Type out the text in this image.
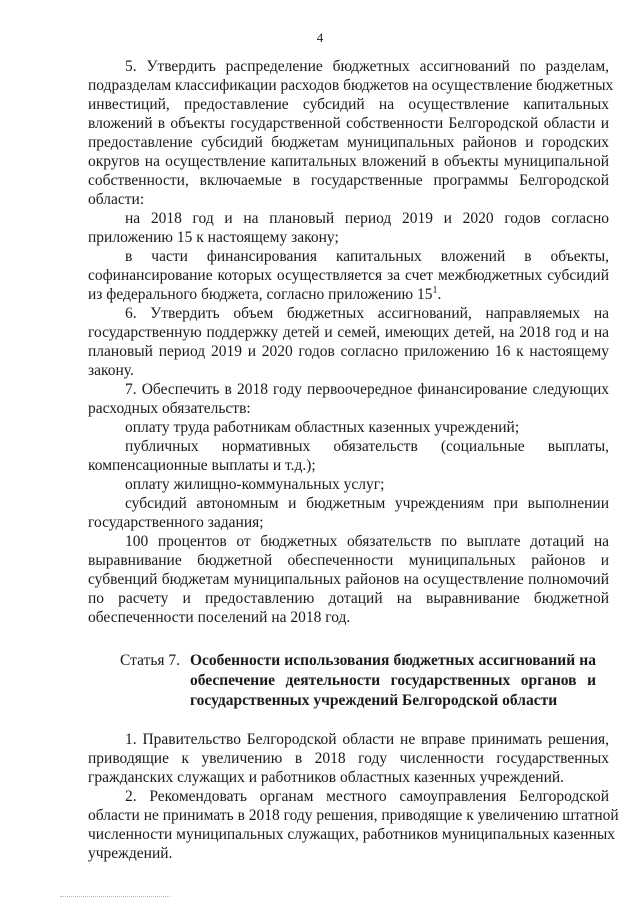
4
5. Утвердить распределение бюджетных ассигнований по разделам,
подразделам классификации расходов бюджетов на осуществление бюджетных
инвестиций, предоставление субсидий на осуществление капитальных
вложений в объекты государственной собственности Белгородской области и
предоставление субсидий бюджетам муниципальных районов и городских
округов на осуществление капитальных вложений в объекты муниципальной
собственности, включаемые в государственные программы Белгородской
области:
на 2018 год и на плановый период 2019 и 2020 годов согласно
приложению 15 к настоящему закону;
в части финансирования капитальных вложений в объекты,
софинансирование которых осуществляется за счет межбюджетных субсидий
из федерального бюджета, согласно приложению $15^1$.
6. Утвердить объем бюджетных ассигнований, направляемых на
государственную поддержку детей и семей, имеющих детей, на 2018 год и на
плановый период 2019 и 2020 годов согласно приложению 16 к настоящему
закону.
7. Обеспечить в 2018 году первоочередное финансирование следующих
расходных обязательств:
оплату труда работникам областных казенных учреждений;
публичных нормативных обязательств (социальные выплаты,
компенсационные выплаты и т.д.);
оплату жилищно-коммунальных услуг;
субсидий автономным и бюджетным учреждениям при выполнении
государственного задания;
100 процентов от бюджетных обязательств по выплате дотаций на
выравнивание бюджетной обеспеченности муниципальных районов и
субвенций бюджетам муниципальных районов на осуществление полномочий
по расчету и предоставлению дотаций на выравнивание бюджетной
обеспеченности поселений на 2018 год.
Статья 7. Особенности использования бюджетных ассигнований на
обеспечение деятельности государственных органов и
государственных учреждений Белгородской области
1. Правительство Белгородской области не вправе принимать решения,
приводящие к увеличению в 2018 году численности государственных
гражданских служащих и работников областных казенных учреждений.
2. Рекомендовать органам местного самоуправления Белгородской
области не принимать в 2018 году решения, приводящие к увеличению штатной
численности муниципальных служащих, работников муниципальных казенных
учреждений.
